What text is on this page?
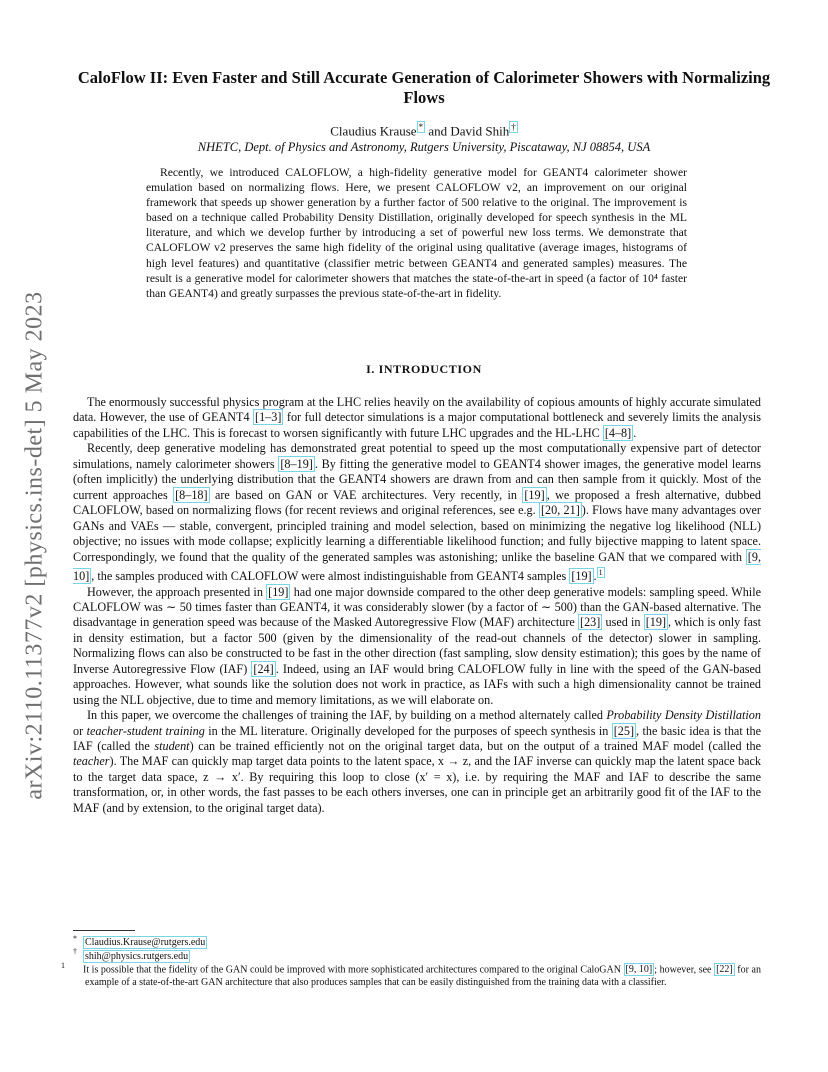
arXiv:2110.11377v2 [physics.ins-det] 5 May 2023
CaloFlow II: Even Faster and Still Accurate Generation of Calorimeter Showers with Normalizing Flows
Claudius Krause * and David Shih †
NHETC, Dept. of Physics and Astronomy, Rutgers University, Piscataway, NJ 08854, USA

Recently, we introduced CALOFLOW, a high-fidelity generative model for GEANT4 calorimeter shower emulation based on normalizing flows. Here, we present CALOFLOW v2, an improvement on our original framework that speeds up shower generation by a further factor of 500 relative to the original. The improvement is based on a technique called Probability Density Distillation, originally developed for speech synthesis in the ML literature, and which we develop further by introducing a set of powerful new loss terms. We demonstrate that CALOFLOW v2 preserves the same high fidelity of the original using qualitative (average images, histograms of high level features) and quantitative (classifier metric between GEANT4 and generated samples) measures. The result is a generative model for calorimeter showers that matches the state-of-the-art in speed (a factor of 10⁴ faster than GEANT4) and greatly surpasses the previous state-of-the-art in fidelity.

I. INTRODUCTION

The enormously successful physics program at the LHC relies heavily on the availability of copious amounts of highly accurate simulated data. However, the use of GEANT4 [1–3] for full detector simulations is a major computational bottleneck and severely limits the analysis capabilities of the LHC. This is forecast to worsen significantly with future LHC upgrades and the HL-LHC [4–8] .

Recently, deep generative modeling has demonstrated great potential to speed up the most computationally expensive part of detector simulations, namely calorimeter showers [8–19] . By fitting the generative model to GEANT4 shower images, the generative model learns (often implicitly) the underlying distribution that the GEANT4 showers are drawn from and can then sample from it quickly. Most of the current approaches [8–18] are based on GAN or VAE architectures. Very recently, in [19] , we proposed a fresh alternative, dubbed CALOFLOW, based on normalizing flows (for recent reviews and original references, see e.g. [20, 21] ). Flows have many advantages over GANs and VAEs — stable, convergent, principled training and model selection, based on minimizing the negative log likelihood (NLL) objective; no issues with mode collapse; explicitly learning a differentiable likelihood function; and fully bijective mapping to latent space. Correspondingly, we found that the quality of the generated samples was astonishing; unlike the baseline GAN that we compared with [9, 10] , the samples produced with CALOFLOW were almost indistinguishable from GEANT4 samples [19] . $^1$

However, the approach presented in [19] had one major downside compared to the other deep generative models: sampling speed. While CALOFLOW was ∼ 50 times faster than GEANT4, it was considerably slower (by a factor of ∼ 500) than the GAN-based alternative. The disadvantage in generation speed was because of the Masked Autoregressive Flow (MAF) architecture [23] used in [19] , which is only fast in density estimation, but a factor 500 (given by the dimensionality of the read-out channels of the detector) slower in sampling. Normalizing flows can also be constructed to be fast in the other direction (fast sampling, slow density estimation); this goes by the name of Inverse Autoregressive Flow (IAF) [24] . Indeed, using an IAF would bring CALOFLOW fully in line with the speed of the GAN-based approaches. However, what sounds like the solution does not work in practice, as IAFs with such a high dimensionality cannot be trained using the NLL objective, due to time and memory limitations, as we will elaborate on.

In this paper, we overcome the challenges of training the IAF, by building on a method alternately called Probability Density Distillation or teacher-student training in the ML literature. Originally developed for the purposes of speech synthesis in [25] , the basic idea is that the IAF (called the student) can be trained efficiently not on the original target data, but on the output of a trained MAF model (called the teacher). The MAF can quickly map target data points to the latent space, x → z, and the IAF inverse can quickly map the latent space back to the target data space, z → x′. By requiring this loop to close (x′ = x), i.e. by requiring the MAF and IAF to describe the same transformation, or, in other words, the fast passes to be each others inverses, one can in principle get an arbitrarily good fit of the IAF to the MAF (and by extension, to the original target data).

* Claudius.Krause@rutgers.edu
† shih@physics.rutgers.edu
1 It is possible that the fidelity of the GAN could be improved with more sophisticated architectures compared to the original CaloGAN [9, 10] ; however, see [22] for an example of a state-of-the-art GAN architecture that also produces samples that can be easily distinguished from the training data with a classifier.
